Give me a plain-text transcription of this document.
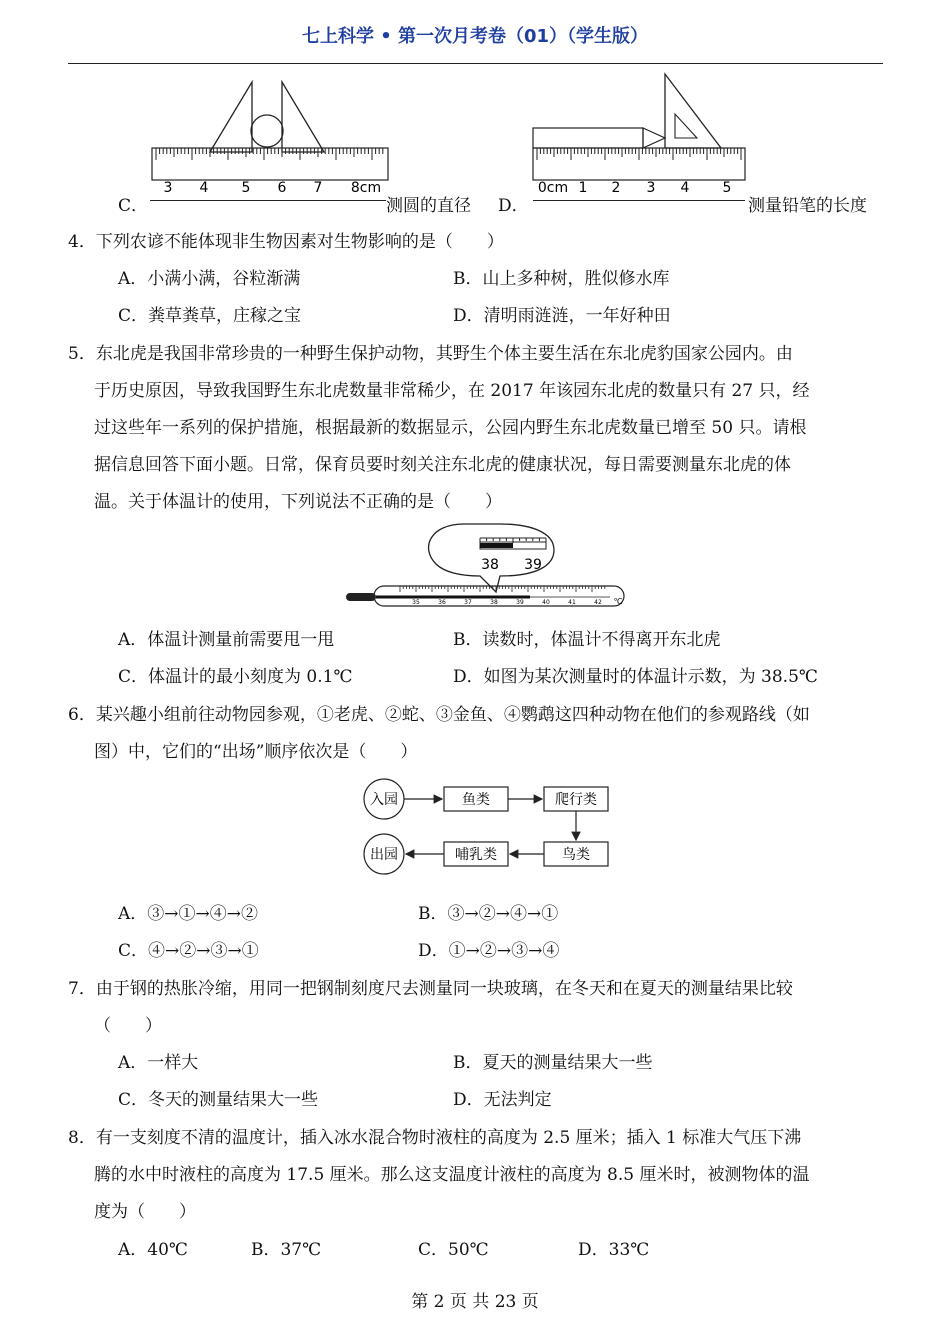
七上科学 • 第一次月考卷（01）（学生版）
3 4 5 6 7 8cm
C．	测圆的直径
0cm 1 2 3 4 5
D．	测量铅笔的长度
4．下列农谚不能体现非生物因素对生物影响的是（　　）
A．小满小满，谷粒渐满	B．山上多种树，胜似修水库
C．粪草粪草，庄稼之宝	D．清明雨涟涟，一年好种田
5．东北虎是我国非常珍贵的一种野生保护动物，其野生个体主要生活在东北虎豹国家公园内。由
于历史原因，导致我国野生东北虎数量非常稀少，在 2017 年该园东北虎的数量只有 27 只，经
过这些年一系列的保护措施，根据最新的数据显示，公园内野生东北虎数量已增至 50 只。请根
据信息回答下面小题。日常，保育员要时刻关注东北虎的健康状况，每日需要测量东北虎的体
温。关于体温计的使用，下列说法不正确的是（　　）
38 39
35	36	37	38	39	40	41	42 ℃
A．体温计测量前需要甩一甩	B．读数时，体温计不得离开东北虎
C．体温计的最小刻度为 0.1℃	D．如图为某次测量时的体温计示数，为 38.5℃
6．某兴趣小组前往动物园参观，①老虎、②蛇、③金鱼、④鹦鹉这四种动物在他们的参观路线（如
图）中，它们的“出场”顺序依次是（　　）
入园	鱼类	爬行类
鸟类
哺乳类
出园
A．③→①→④→②	B．③→②→④→①
C．④→②→③→①	D．①→②→③→④
7．由于钢的热胀冷缩，用同一把钢制刻度尺去测量同一块玻璃，在冬天和在夏天的测量结果比较
（　　）
A．一样大	B．夏天的测量结果大一些
C．冬天的测量结果大一些	D．无法判定
8．有一支刻度不清的温度计，插入冰水混合物时液柱的高度为 2.5 厘米；插入 1 标准大气压下沸
腾的水中时液柱的高度为 17.5 厘米。那么这支温度计液柱的高度为 8.5 厘米时，被测物体的温
度为（　　）
A．40℃	B．37℃	C．50℃	D．33℃
第 2 页 共 23 页
